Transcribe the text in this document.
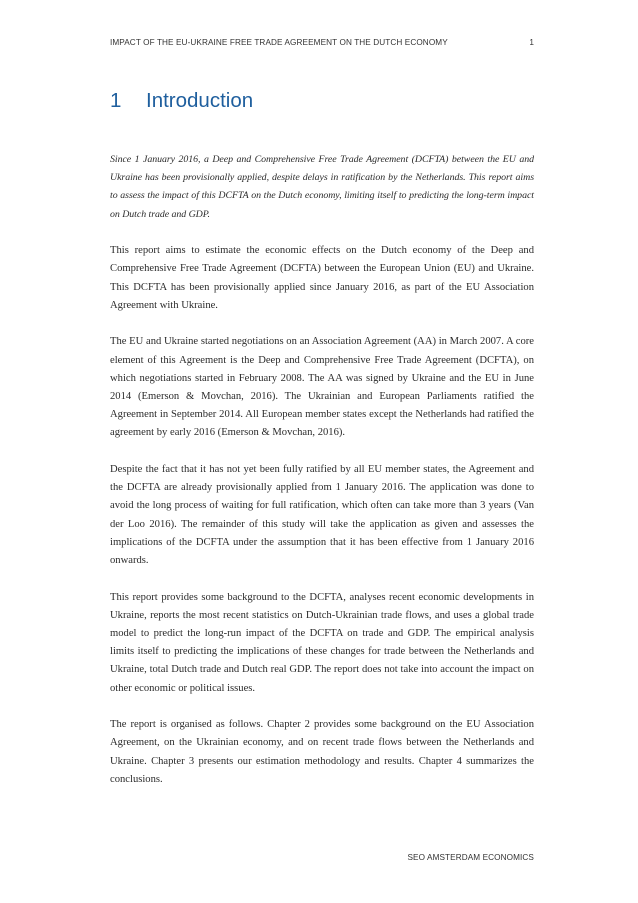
IMPACT OF THE EU-UKRAINE FREE TRADE AGREEMENT ON THE DUTCH ECONOMY	1
1 Introduction

Since 1 January 2016, a Deep and Comprehensive Free Trade Agreement (DCFTA) between the EU and Ukraine has been provisionally applied, despite delays in ratification by the Netherlands. This report aims to assess the impact of this DCFTA on the Dutch economy, limiting itself to predicting the long-term impact on Dutch trade and GDP.

This report aims to estimate the economic effects on the Dutch economy of the Deep and Comprehensive Free Trade Agreement (DCFTA) between the European Union (EU) and Ukraine. This DCFTA has been provisionally applied since January 2016, as part of the EU Association Agreement with Ukraine.

The EU and Ukraine started negotiations on an Association Agreement (AA) in March 2007. A core element of this Agreement is the Deep and Comprehensive Free Trade Agreement (DCFTA), on which negotiations started in February 2008. The AA was signed by Ukraine and the EU in June 2014 (Emerson & Movchan, 2016). The Ukrainian and European Parliaments ratified the Agreement in September 2014. All European member states except the Netherlands had ratified the agreement by early 2016 (Emerson & Movchan, 2016).

Despite the fact that it has not yet been fully ratified by all EU member states, the Agreement and the DCFTA are already provisionally applied from 1 January 2016. The application was done to avoid the long process of waiting for full ratification, which often can take more than 3 years (Van der Loo 2016). The remainder of this study will take the application as given and assesses the implications of the DCFTA under the assumption that it has been effective from 1 January 2016 onwards.

This report provides some background to the DCFTA, analyses recent economic developments in Ukraine, reports the most recent statistics on Dutch-Ukrainian trade flows, and uses a global trade model to predict the long-run impact of the DCFTA on trade and GDP. The empirical analysis limits itself to predicting the implications of these changes for trade between the Netherlands and Ukraine, total Dutch trade and Dutch real GDP. The report does not take into account the impact on other economic or political issues.

The report is organised as follows. Chapter 2 provides some background on the EU Association Agreement, on the Ukrainian economy, and on recent trade flows between the Netherlands and Ukraine. Chapter 3 presents our estimation methodology and results. Chapter 4 summarizes the conclusions.

SEO AMSTERDAM ECONOMICS
